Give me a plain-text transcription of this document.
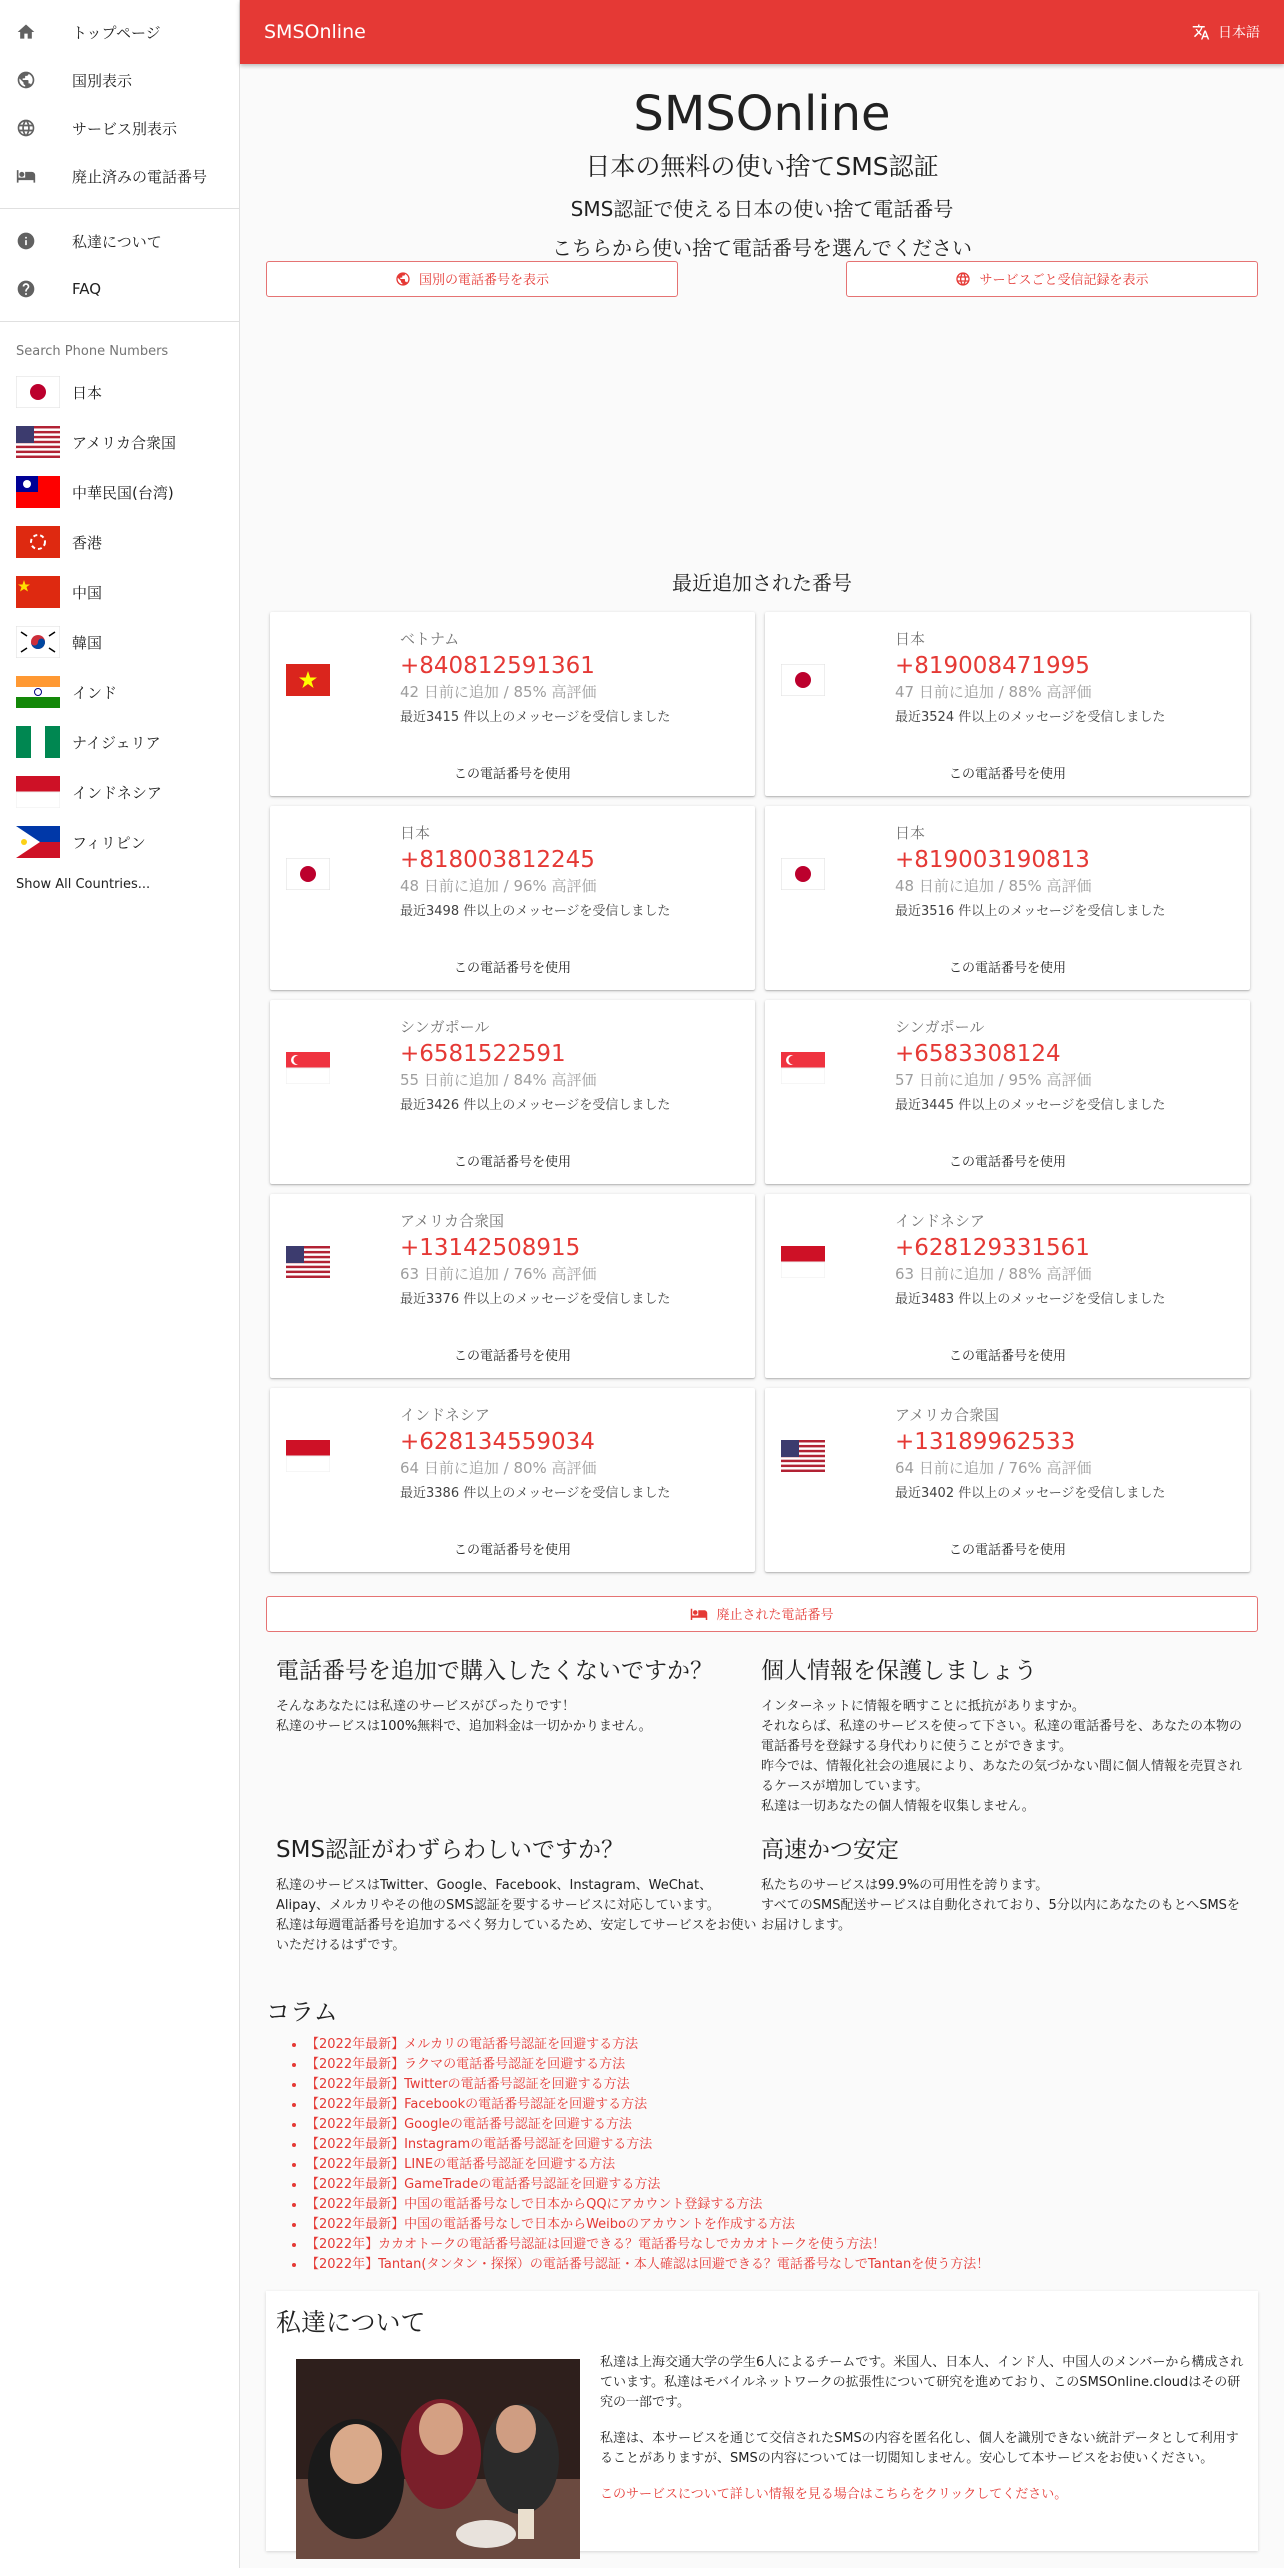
トップページ
国別表示
サービス別表示
廃止済みの電話番号
私達について
FAQ
Search Phone Numbers
日本
アメリカ合衆国
中華民国(台湾)
香港
中国
韓国
インド
ナイジェリア
インドネシア
フィリピン
Show All Countries...
SMSOnline	日本語
SMSOnline
日本の無料の使い捨てSMS認証
SMS認証で使える日本の使い捨て電話番号
こちらから使い捨て電話番号を選んでください
国別の電話番号を表示	サービスごと受信記録を表示
最近追加された番号
ベトナム
+840812591361
42 日前に追加 / 85% 高評価
最近3415 件以上のメッセージを受信しました
この電話番号を使用
日本
+819008471995
47 日前に追加 / 88% 高評価
最近3524 件以上のメッセージを受信しました
この電話番号を使用
日本
+818003812245
48 日前に追加 / 96% 高評価
最近3498 件以上のメッセージを受信しました
この電話番号を使用
日本
+819003190813
48 日前に追加 / 85% 高評価
最近3516 件以上のメッセージを受信しました
この電話番号を使用
シンガポール
+6581522591
55 日前に追加 / 84% 高評価
最近3426 件以上のメッセージを受信しました
この電話番号を使用
シンガポール
+6583308124
57 日前に追加 / 95% 高評価
最近3445 件以上のメッセージを受信しました
この電話番号を使用
アメリカ合衆国
+13142508915
63 日前に追加 / 76% 高評価
最近3376 件以上のメッセージを受信しました
この電話番号を使用
インドネシア
+628129331561
63 日前に追加 / 88% 高評価
最近3483 件以上のメッセージを受信しました
この電話番号を使用
インドネシア
+628134559034
64 日前に追加 / 80% 高評価
最近3386 件以上のメッセージを受信しました
この電話番号を使用
アメリカ合衆国
+13189962533
64 日前に追加 / 76% 高評価
最近3402 件以上のメッセージを受信しました
この電話番号を使用
廃止された電話番号
電話番号を追加で購入したくないですか？

そんなあなたには私達のサービスがぴったりです！

私達のサービスは100%無料で、追加料金は一切かかりません。

個人情報を保護しましょう

インターネットに情報を晒すことに抵抗がありますか。

それならば、私達のサービスを使って下さい。私達の電話番号を、あなたの本物の電話番号を登録する身代わりに使うことができます。

昨今では、情報化社会の進展により、あなたの気づかない間に個人情報を売買されるケースが増加しています。

私達は一切あなたの個人情報を収集しません。

SMS認証がわずらわしいですか？

私達のサービスはTwitter、Google、Facebook、Instagram、WeChat、Alipay、メルカリやその他のSMS認証を要するサービスに対応しています。

私達は毎週電話番号を追加するべく努力しているため、安定してサービスをお使いいただけるはずです。

高速かつ安定

私たちのサービスは99.9%の可用性を誇ります。

すべてのSMS配送サービスは自動化されており、5分以内にあなたのもとへSMSをお届けします。

コラム
• 【2022年最新】メルカリの電話番号認証を回避する方法
• 【2022年最新】ラクマの電話番号認証を回避する方法
• 【2022年最新】Twitterの電話番号認証を回避する方法
• 【2022年最新】Facebookの電話番号認証を回避する方法
• 【2022年最新】Googleの電話番号認証を回避する方法
• 【2022年最新】Instagramの電話番号認証を回避する方法
• 【2022年最新】LINEの電話番号認証を回避する方法
• 【2022年最新】GameTradeの電話番号認証を回避する方法
• 【2022年最新】中国の電話番号なしで日本からQQにアカウント登録する方法
• 【2022年最新】中国の電話番号なしで日本からWeiboのアカウントを作成する方法
• 【2022年】カカオトークの電話番号認証は回避できる？電話番号なしでカカオトークを使う方法！
• 【2022年】Tantan(タンタン・探探）の電話番号認証・本人確認は回避できる？電話番号なしでTantanを使う方法！
私達について

私達は上海交通大学の学生6人によるチームです。米国人、日本人、インド人、中国人のメンバーから構成されています。私達はモバイルネットワークの拡張性について研究を進めており、このSMSOnline.cloudはその研究の一部です。

私達は、本サービスを通じて交信されたSMSの内容を匿名化し、個人を識別できない統計データとして利用することがありますが、SMSの内容については一切閲知しません。安心して本サービスをお使いください。

このサービスについて詳しい情報を見る場合はこちらをクリックしてください。
